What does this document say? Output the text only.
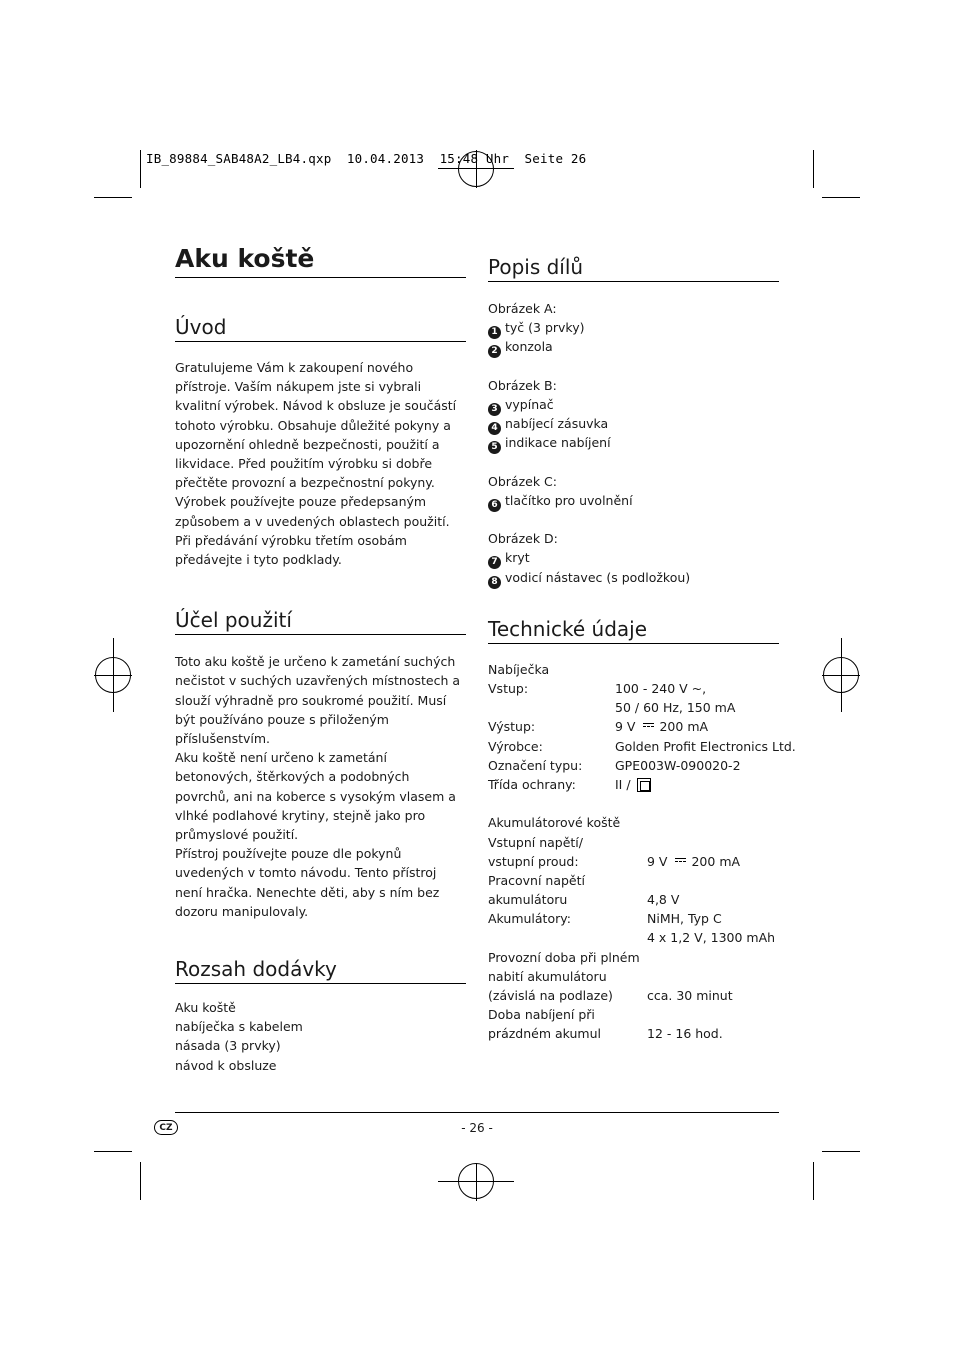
IB_89884_SAB48A2_LB4.qxp  10.04.2013  15:48 Uhr  Seite 26
Aku koště
Úvod

Gratulujeme Vám k zakoupení nového přístroje. Vaším nákupem jste si vybrali kvalitní výrobek. Návod k obsluze je součástí tohoto výrobku. Obsahuje důležité pokyny a upozornění ohledně bezpečnosti, použití a likvidace. Před použitím výrobku si dobře přečtěte provozní a bezpečnostní pokyny. Výrobek používejte pouze předepsaným způsobem a v uvedených oblastech použití. Při předávání výrobku třetím osobám předávejte i tyto podklady.

Účel použití

Toto aku koště je určeno k zametání suchých nečistot v suchých uzavřených místnostech a slouží výhradně pro soukromé použití. Musí být používáno pouze s přiloženým příslušenstvím.

Aku koště není určeno k zametání betonových, štěrkových a podobných povrchů, ani na koberce s vysokým vlasem a vlhké podlahové krytiny, stejně jako pro průmyslové použití.

Přístroj používejte pouze dle pokynů uvedených v tomto návodu. Tento přístroj není hračka. Nenechte děti, aby s ním bez dozoru manipulovaly.

Rozsah dodávky
Aku koště
nabíječka s kabelem
násada (3 prvky)
návod k obsluze
Popis dílů
Obrázek A:
1 tyč (3 prvky)
2 konzola
Obrázek B:
3 vypínač
4 nabíjecí zásuvka
5 indikace nabíjení
Obrázek C:
6 tlačítko pro uvolnění
Obrázek D:
7 kryt
8 vodicí nástavec (s podložkou)
Technické údaje
Nabíječka
Vstup:	100 - 240 V ~,
50 / 60 Hz, 150 mA
Výstup:	9 V 200 mA
Výrobce:	Golden Profit Electronics Ltd.
Označení typu:	GPE003W-090020-2
Třída ochrany:	II /
Akumulátorové koště
Vstupní napětí/
vstupní proud:	9 V 200 mA
Pracovní napětí
akumulátoru	4,8 V
Akumulátory:	NiMH, Typ C
4 x 1,2 V, 1300 mAh
Provozní doba při plném
nabití akumulátoru
(závislá na podlaze)	cca. 30 minut
Doba nabíjení při
prázdném akumul	12 - 16 hod.
CZ	- 26 -
